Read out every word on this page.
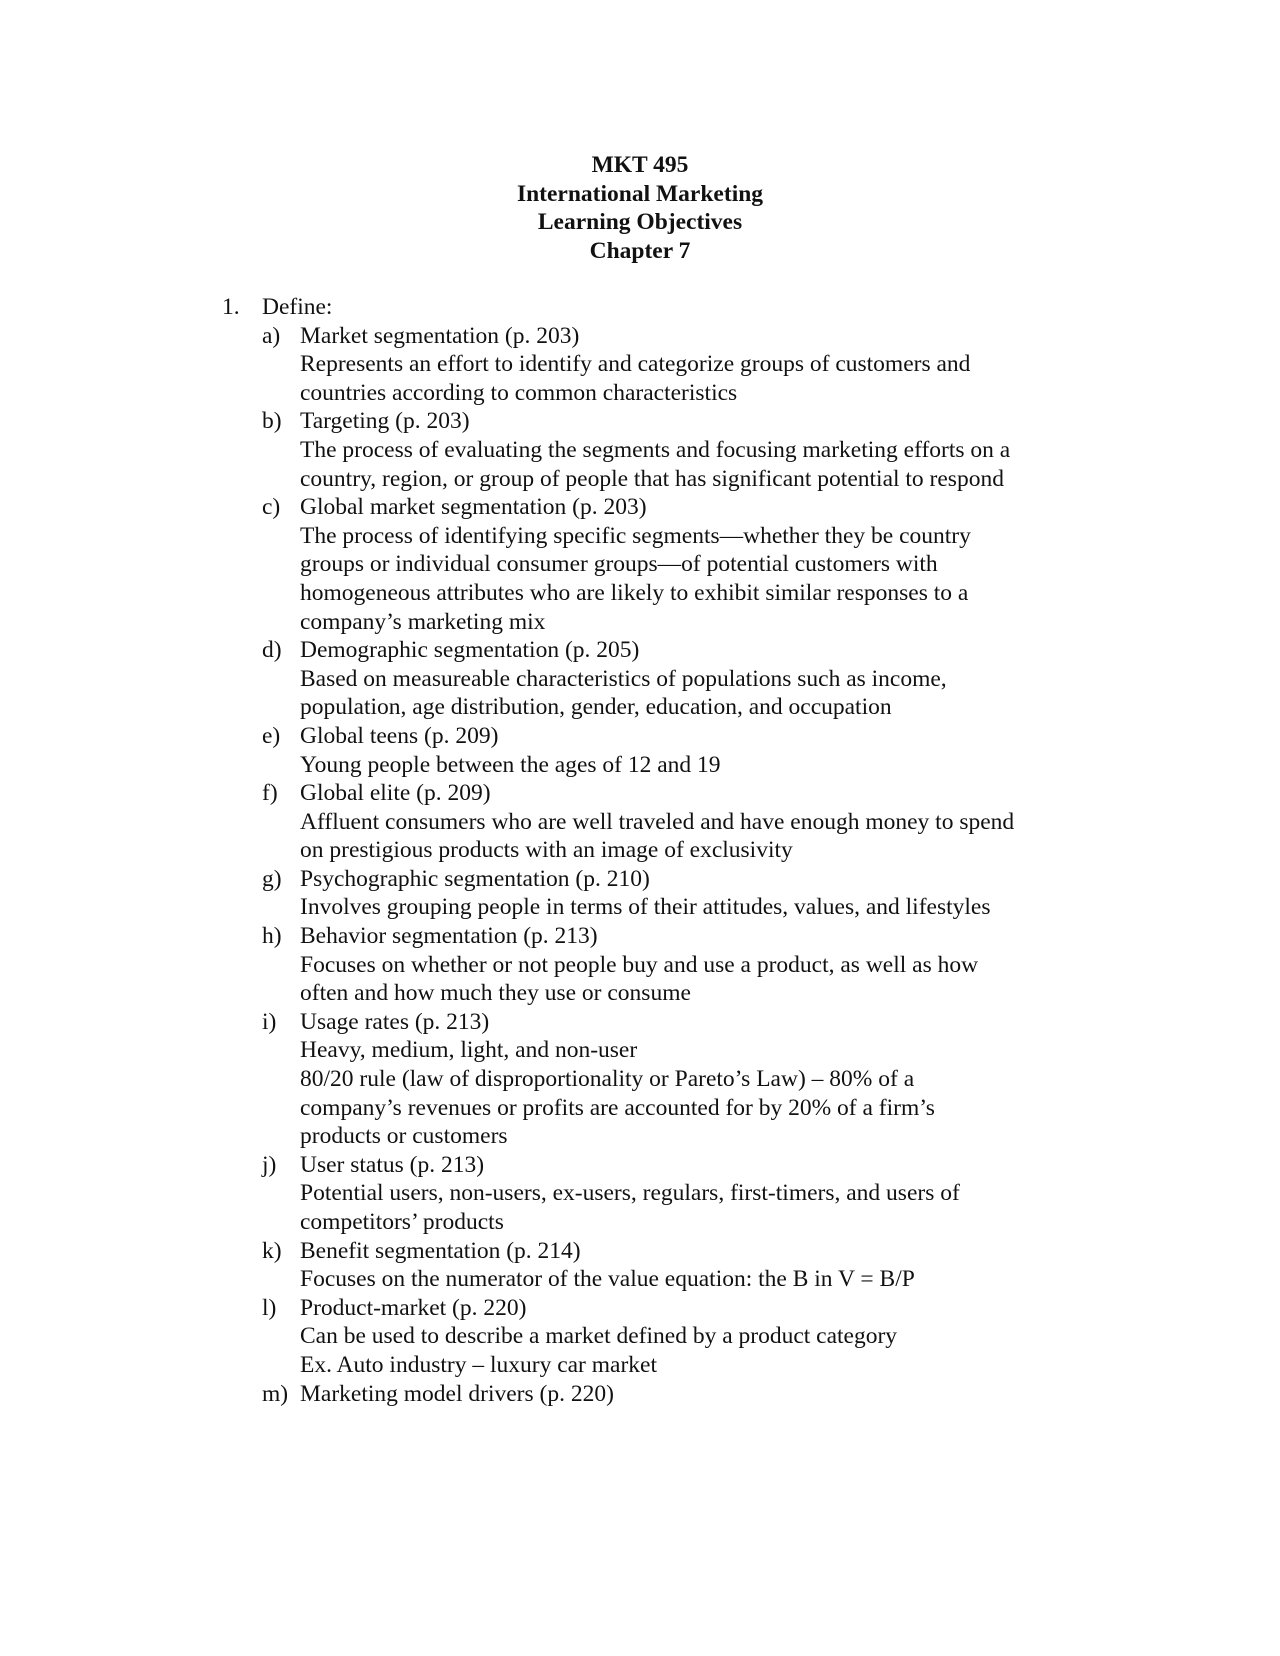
MKT 495
International Marketing
Learning Objectives
Chapter 7
1. Define:
a) Market segmentation (p. 203)

Represents an effort to identify and categorize groups of customers and countries according to common characteristics

b) Targeting (p. 203)

The process of evaluating the segments and focusing marketing efforts on a country, region, or group of people that has significant potential to respond

c) Global market segmentation (p. 203)

The process of identifying specific segments—whether they be country groups or individual consumer groups—of potential customers with homogeneous attributes who are likely to exhibit similar responses to a company’s marketing mix

d) Demographic segmentation (p. 205)

Based on measureable characteristics of populations such as income, population, age distribution, gender, education, and occupation

e) Global teens (p. 209)

Young people between the ages of 12 and 19

f) Global elite (p. 209)

Affluent consumers who are well traveled and have enough money to spend on prestigious products with an image of exclusivity

g) Psychographic segmentation (p. 210)

Involves grouping people in terms of their attitudes, values, and lifestyles

h) Behavior segmentation (p. 213)

Focuses on whether or not people buy and use a product, as well as how often and how much they use or consume

i)	Usage rates (p. 213)

Heavy, medium, light, and non-user

80/20 rule (law of disproportionality or Pareto’s Law) – 80% of a company’s revenues or profits are accounted for by 20% of a firm’s products or customers

j)	User status (p. 213)

Potential users, non-users, ex-users, regulars, first-timers, and users of competitors’ products

k) Benefit segmentation (p. 214)

Focuses on the numerator of the value equation: the B in V = B/P

l)	Product-market (p. 220)

Can be used to describe a market defined by a product category

Ex. Auto industry – luxury car market

m) Marketing model drivers (p. 220)
